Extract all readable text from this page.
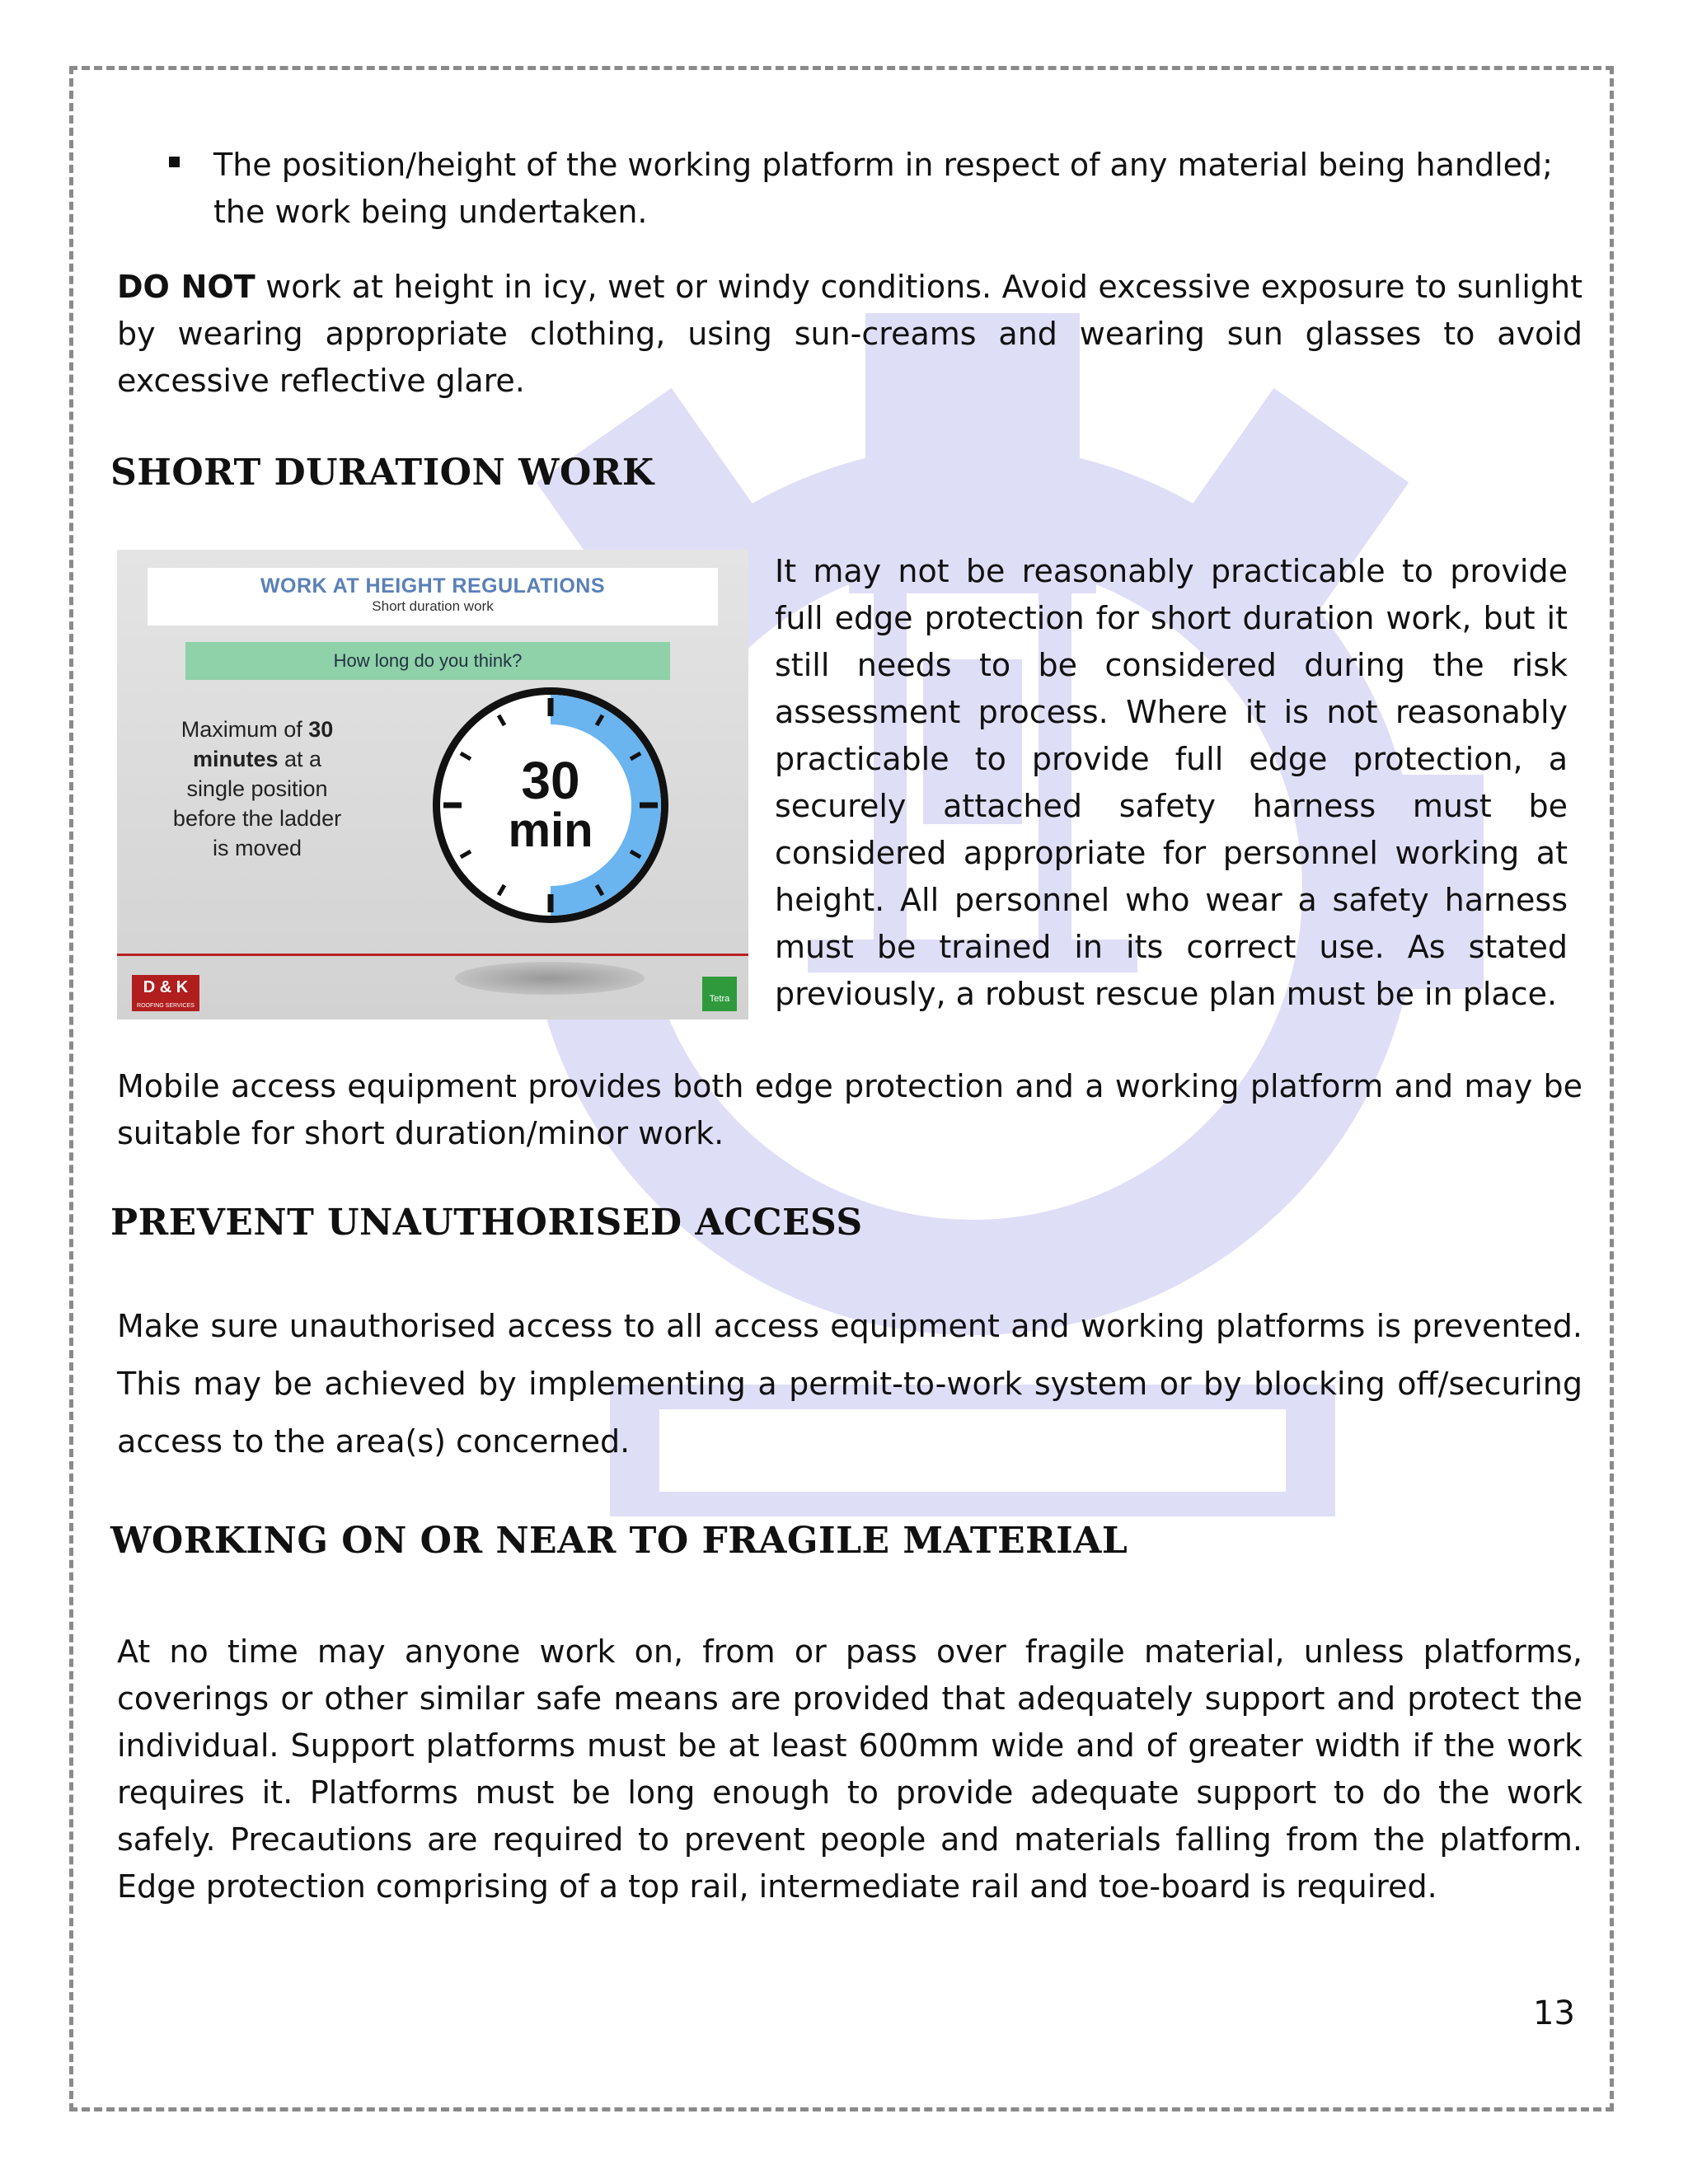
The position/height of the working platform in respect of any material being handled; the work being undertaken.

DO NOT work at height in icy, wet or windy conditions. Avoid excessive exposure to sunlight by wearing appropriate clothing, using sun-creams and wearing sun glasses to avoid excessive reflective glare.

SHORT DURATION WORK
WORK AT HEIGHT REGULATIONS
Short duration work
How long do you think?
Maximum of 30
minutes at a single position before the ladder is moved
30
min
D & K
ROOFING SERVICES
Tetra

It may not be reasonably practicable to provide full edge protection for short duration work, but it still needs to be considered during the risk assessment process. Where it is not reasonably practicable to provide full edge protection, a securely attached safety harness must be considered appropriate for personnel working at height. All personnel who wear a safety harness must be trained in its correct use. As stated previously, a robust rescue plan must be in place.

Mobile access equipment provides both edge protection and a working platform and may be suitable for short duration/minor work.

PREVENT UNAUTHORISED ACCESS

Make sure unauthorised access to all access equipment and working platforms is prevented. This may be achieved by implementing a permit-to-work system or by blocking off/securing access to the area(s) concerned.

WORKING ON OR NEAR TO FRAGILE MATERIAL

At no time may anyone work on, from or pass over fragile material, unless platforms, coverings or other similar safe means are provided that adequately support and protect the individual. Support platforms must be at least 600mm wide and of greater width if the work requires it. Platforms must be long enough to provide adequate support to do the work safely. Precautions are required to prevent people and materials falling from the platform. Edge protection comprising of a top rail, intermediate rail and toe-board is required.

13
